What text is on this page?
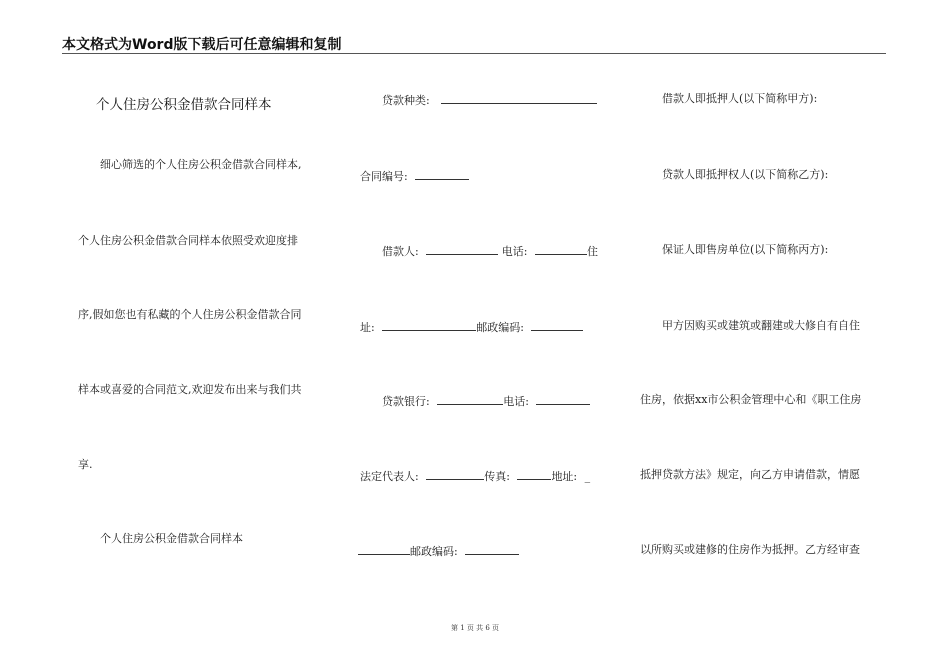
本文格式为Word版下载后可任意编辑和复制
个人住房公积金借款合同样本
细心筛选的个人住房公积金借款合同样本,
个人住房公积金借款合同样本依照受欢迎度排
序,假如您也有私藏的个人住房公积金借款合同
样本或喜爱的合同范文,欢迎发布出来与我们共
享.
个人住房公积金借款合同样本
贷款种类:
合同编号:
借款人:	电话:	住
址:	邮政编码:
贷款银行:	电话:
法定代表人:	传真:	地址: _
邮政编码:
借款人即抵押人(以下简称甲方):
贷款人即抵押权人(以下简称乙方):
保证人即售房单位(以下简称丙方):
甲方因购买或建筑或翻建或大修自有自住
住房，依据xx市公积金管理中心和《职工住房
抵押贷款方法》规定，向乙方申请借款，情愿
以所购买或建修的住房作为抵押。乙方经审查
第 1 页 共 6 页
